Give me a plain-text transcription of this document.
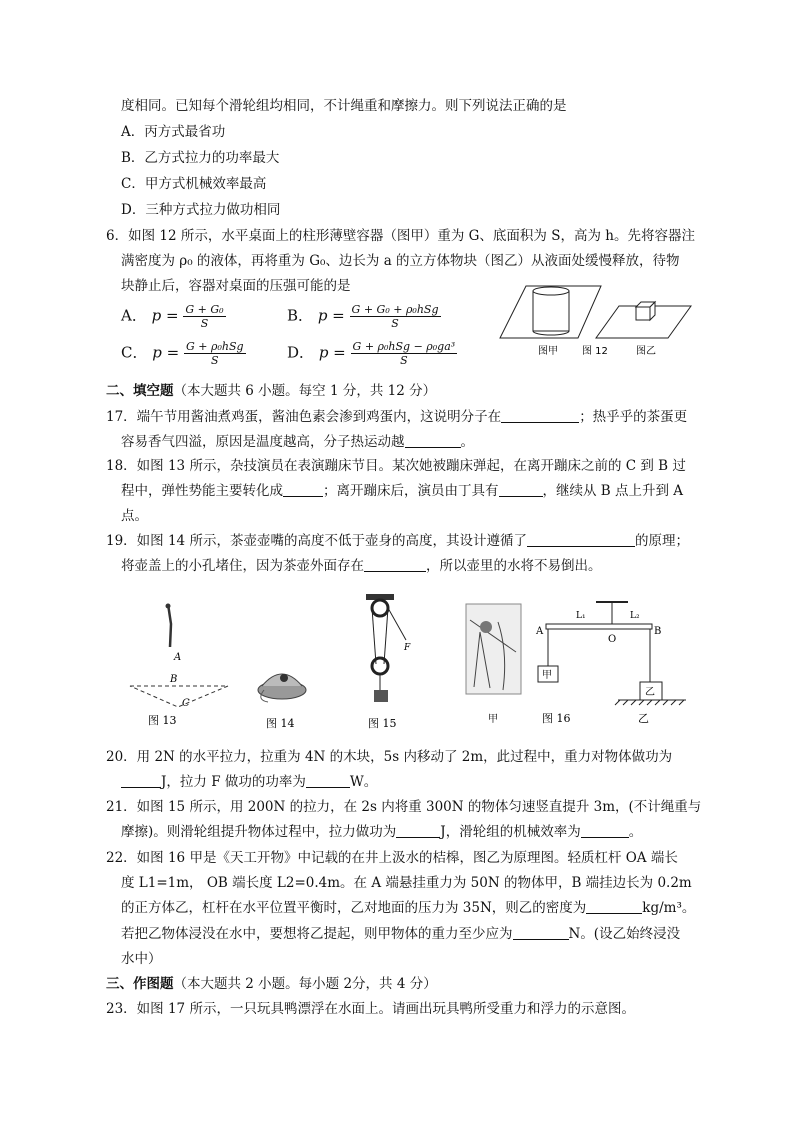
度相同。已知每个滑轮组均相同，不计绳重和摩擦力。则下列说法正确的是
A．丙方式最省功
B．乙方式拉力的功率最大
C．甲方式机械效率最高
D．三种方式拉力做功相同
6．如图 12 所示，水平桌面上的柱形薄壁容器（图甲）重为 G、底面积为 S，高为 h。先将容器注
满密度为 ρ₀ 的液体，再将重为 G₀、边长为 a 的立方体物块（图乙）从液面处缓慢释放，待物
块静止后，容器对桌面的压强可能的是
A． $p = \frac{\text{G + G₀}}{S}$	B． $p = \frac{\text{G + G₀ + ρ₀hSg}}{S}$
C． $p = \frac{\text{G + ρ₀hSg}}{S}$	D． $p = \frac{\text{G + ρ₀hSg − ρ₀ga³}}{S}$	图甲 图 12	图乙
二、填空题（本大题共 6 小题。每空 1 分，共 12 分）
17．端午节用酱油煮鸡蛋，酱油色素会渗到鸡蛋内，这说明分子在	；热乎乎的茶蛋更
容易香气四溢，原因是温度越高，分子热运动越	。
18．如图 13 所示，杂技演员在表演蹦床节目。某次她被蹦床弹起，在离开蹦床之前的 C 到 B 过
程中，弹性势能主要转化成	；离开蹦床后，演员由丁具有	，继续从 B 点上升到 A
点。
19．如图 14 所示，茶壶壶嘴的高度不低于壶身的高度，其设计遵循了	的原理；
将壶盖上的小孔堵住，因为茶壶外面存在	，所以壶里的水将不易倒出。
A
B
C
图 13	图 14
F
图 15	甲
L₁	L₂
A
O
B
甲
乙
图 16	乙
20．用 2N 的水平拉力，拉重为 4N 的木块，5s 内移动了 2m，此过程中，重力对物体做功为
J，拉力 F 做功的功率为	W。
21．如图 15 所示，用 200N 的拉力，在 2s 内将重 300N 的物体匀速竖直提升 3m，(不计绳重与
摩擦)。则滑轮组提升物体过程中，拉力做功为	J，滑轮组的机械效率为	。
22．如图 16 甲是《天工开物》中记载的在井上汲水的桔槔，图乙为原理图。轻质杠杆 OA 端长
度 L1=1m， OB 端长度 L2=0.4m。在 A 端悬挂重力为 50N 的物体甲，B 端挂边长为 0.2m
的正方体乙，杠杆在水平位置平衡时，乙对地面的压力为 35N，则乙的密度为	kg/m³。
若把乙物体浸没在水中，要想将乙提起，则甲物体的重力至少应为	N。(设乙始终浸没
水中）
三、作图题（本大题共 2 小题。每小题 2分，共 4 分）
23．如图 17 所示，一只玩具鸭漂浮在水面上。请画出玩具鸭所受重力和浮力的示意图。
